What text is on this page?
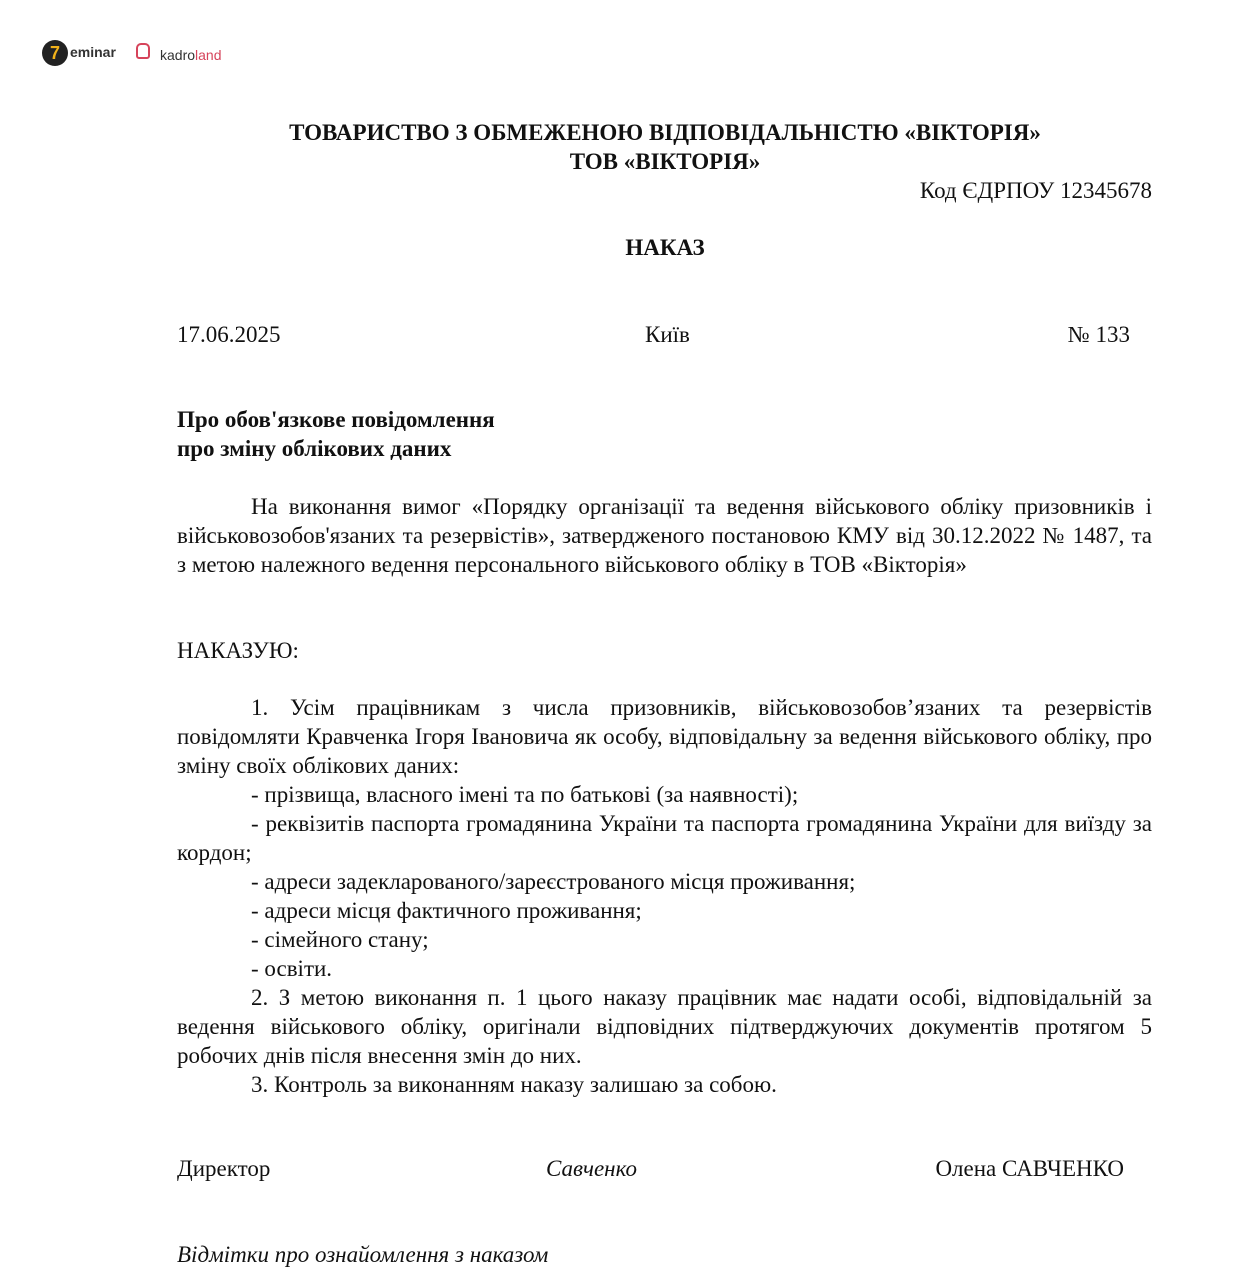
7 eminar	kadroland
ТОВАРИСТВО З ОБМЕЖЕНОЮ ВІДПОВІДАЛЬНІСТЮ «ВІКТОРІЯ»
ТОВ «ВІКТОРІЯ»
Код ЄДРПОУ 12345678
НАКАЗ
17.06.2025	Київ	№ 133
Про обов'язкове повідомлення
про зміну облікових даних
На виконання вимог «Порядку організації та ведення військового обліку призовників і військовозобов'язаних та резервістів», затвердженого постановою КМУ від 30.12.2022 № 1487, та з метою належного ведення персонального військового обліку в ТОВ «Вікторія»
НАКАЗУЮ:

1. Усім працівникам з числа призовників, військовозобов’язаних та резервістів повідомляти Кравченка Ігоря Івановича як особу, відповідальну за ведення військового обліку, про зміну своїх облікових даних:

- прізвища, власного імені та по батькові (за наявності);

- реквізитів паспорта громадянина України та паспорта громадянина України для виїзду за кордон;

- адреси задекларованого/зареєстрованого місця проживання;

- адреси місця фактичного проживання;

- сімейного стану;

- освіти.

2. З метою виконання п. 1 цього наказу працівник має надати особі, відповідальній за ведення військового обліку, оригінали відповідних підтверджуючих документів протягом 5 робочих днів після внесення змін до них.

3. Контроль за виконанням наказу залишаю за собою.

Директор	Савченко	Олена САВЧЕНКО
Відмітки про ознайомлення з наказом
